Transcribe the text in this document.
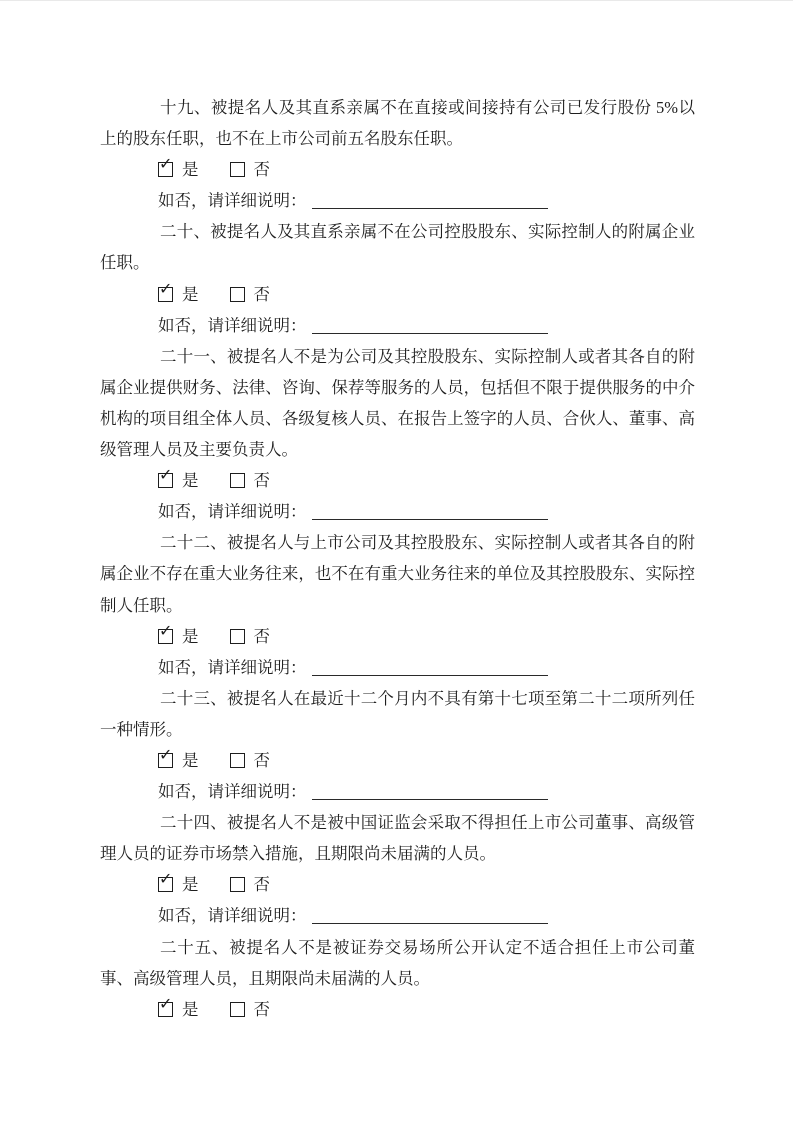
十九、被提名人及其直系亲属不在直接或间接持有公司已发行股份 5%以上的股东任职，也不在上市公司前五名股东任职。

✓ 是	否
如否，请详细说明：

二十、被提名人及其直系亲属不在公司控股股东、实际控制人的附属企业任职。

✓ 是	否
如否，请详细说明：

二十一、被提名人不是为公司及其控股股东、实际控制人或者其各自的附属企业提供财务、法律、咨询、保荐等服务的人员，包括但不限于提供服务的中介机构的项目组全体人员、各级复核人员、在报告上签字的人员、合伙人、董事、高级管理人员及主要负责人。

✓ 是	否
如否，请详细说明：

二十二、被提名人与上市公司及其控股股东、实际控制人或者其各自的附属企业不存在重大业务往来，也不在有重大业务往来的单位及其控股股东、实际控制人任职。

✓ 是	否
如否，请详细说明：

二十三、被提名人在最近十二个月内不具有第十七项至第二十二项所列任一种情形。

✓ 是	否
如否，请详细说明：

二十四、被提名人不是被中国证监会采取不得担任上市公司董事、高级管理人员的证券市场禁入措施，且期限尚未届满的人员。

✓ 是	否
如否，请详细说明：

二十五、被提名人不是被证券交易场所公开认定不适合担任上市公司董事、高级管理人员，且期限尚未届满的人员。

✓ 是	否
